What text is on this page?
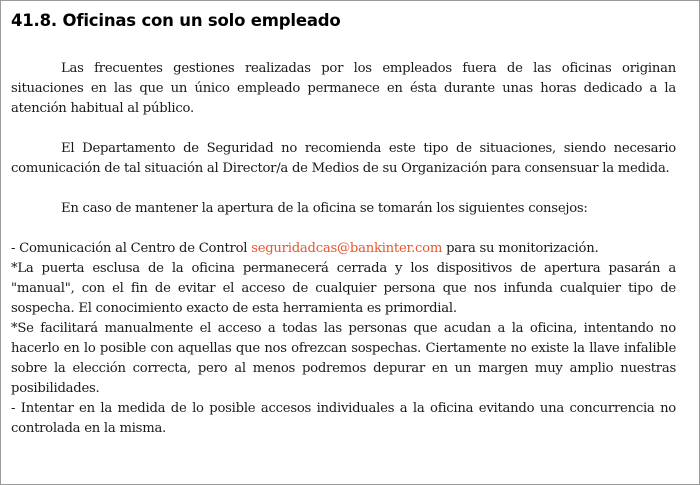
41.8. Oficinas con un solo empleado

Las frecuentes gestiones realizadas por los empleados fuera de las oficinas originan situaciones en las que un único empleado permanece en ésta durante unas horas dedicado a la atención habitual al público.

El Departamento de Seguridad no recomienda este tipo de situaciones, siendo necesario comunicación de tal situación al Director/a de Medios de su Organización para consensuar la medida.

En caso de mantener la apertura de la oficina se tomarán los siguientes consejos:

- Comunicación al Centro de Control seguridadcas@bankinter.com para su monitorización.

*La puerta esclusa de la oficina permanecerá cerrada y los dispositivos de apertura pasarán a "manual", con el fin de evitar el acceso de cualquier persona que nos infunda cualquier tipo de sospecha. El conocimiento exacto de esta herramienta es primordial.

*Se facilitará manualmente el acceso a todas las personas que acudan a la oficina, intentando no hacerlo en lo posible con aquellas que nos ofrezcan sospechas. Ciertamente no existe la llave infalible sobre la elección correcta, pero al menos podremos depurar en un margen muy amplio nuestras posibilidades.

- Intentar en la medida de lo posible accesos individuales a la oficina evitando una concurrencia no controlada en la misma.
